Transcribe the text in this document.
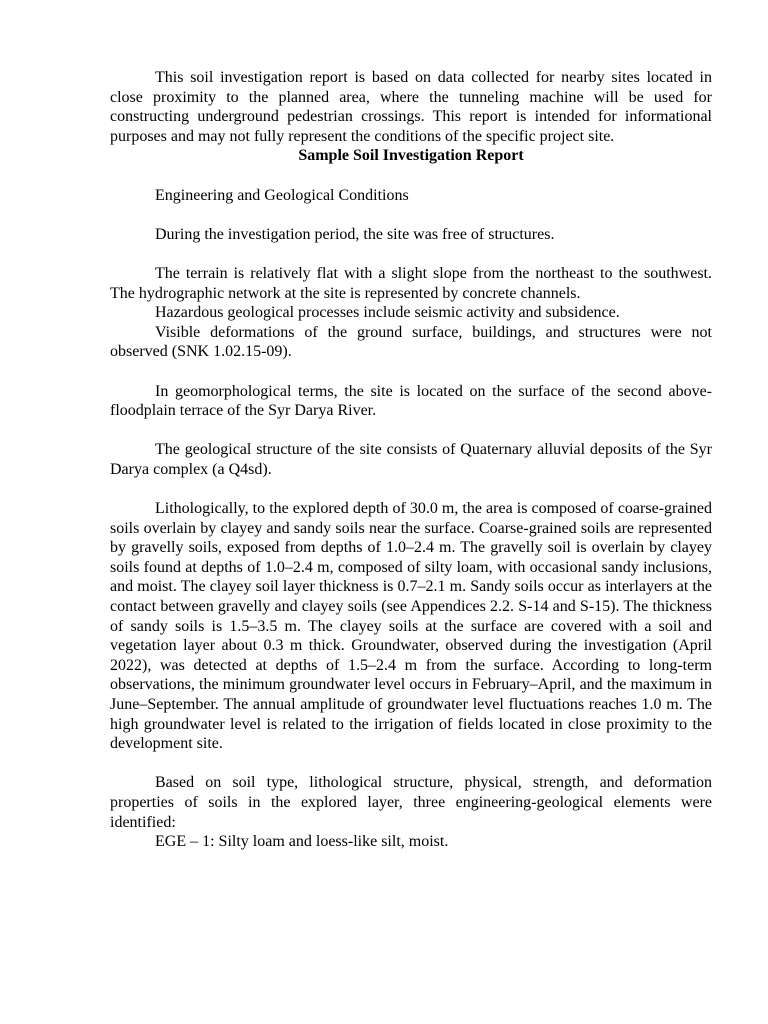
This soil investigation report is based on data collected for nearby sites located in close proximity to the planned area, where the tunneling machine will be used for constructing underground pedestrian crossings. This report is intended for informational purposes and may not fully represent the conditions of the specific project site.

Sample Soil Investigation Report

Engineering and Geological Conditions

During the investigation period, the site was free of structures.

The terrain is relatively flat with a slight slope from the northeast to the southwest. The hydrographic network at the site is represented by concrete channels.

Hazardous geological processes include seismic activity and subsidence.

Visible deformations of the ground surface, buildings, and structures were not observed (SNK 1.02.15-09).

In geomorphological terms, the site is located on the surface of the second above-floodplain terrace of the Syr Darya River.

The geological structure of the site consists of Quaternary alluvial deposits of the Syr Darya complex (a Q4sd).

Lithologically, to the explored depth of 30.0 m, the area is composed of coarse-grained soils overlain by clayey and sandy soils near the surface. Coarse-grained soils are represented by gravelly soils, exposed from depths of 1.0–2.4 m. The gravelly soil is overlain by clayey soils found at depths of 1.0–2.4 m, composed of silty loam, with occasional sandy inclusions, and moist. The clayey soil layer thickness is 0.7–2.1 m. Sandy soils occur as interlayers at the contact between gravelly and clayey soils (see Appendices 2.2. S-14 and S-15). The thickness of sandy soils is 1.5–3.5 m. The clayey soils at the surface are covered with a soil and vegetation layer about 0.3 m thick. Groundwater, observed during the investigation (April 2022), was detected at depths of 1.5–2.4 m from the surface. According to long-term observations, the minimum groundwater level occurs in February–April, and the maximum in June–September. The annual amplitude of groundwater level fluctuations reaches 1.0 m. The high groundwater level is related to the irrigation of fields located in close proximity to the development site.

Based on soil type, lithological structure, physical, strength, and deformation properties of soils in the explored layer, three engineering-geological elements were identified:

EGE – 1: Silty loam and loess-like silt, moist.
